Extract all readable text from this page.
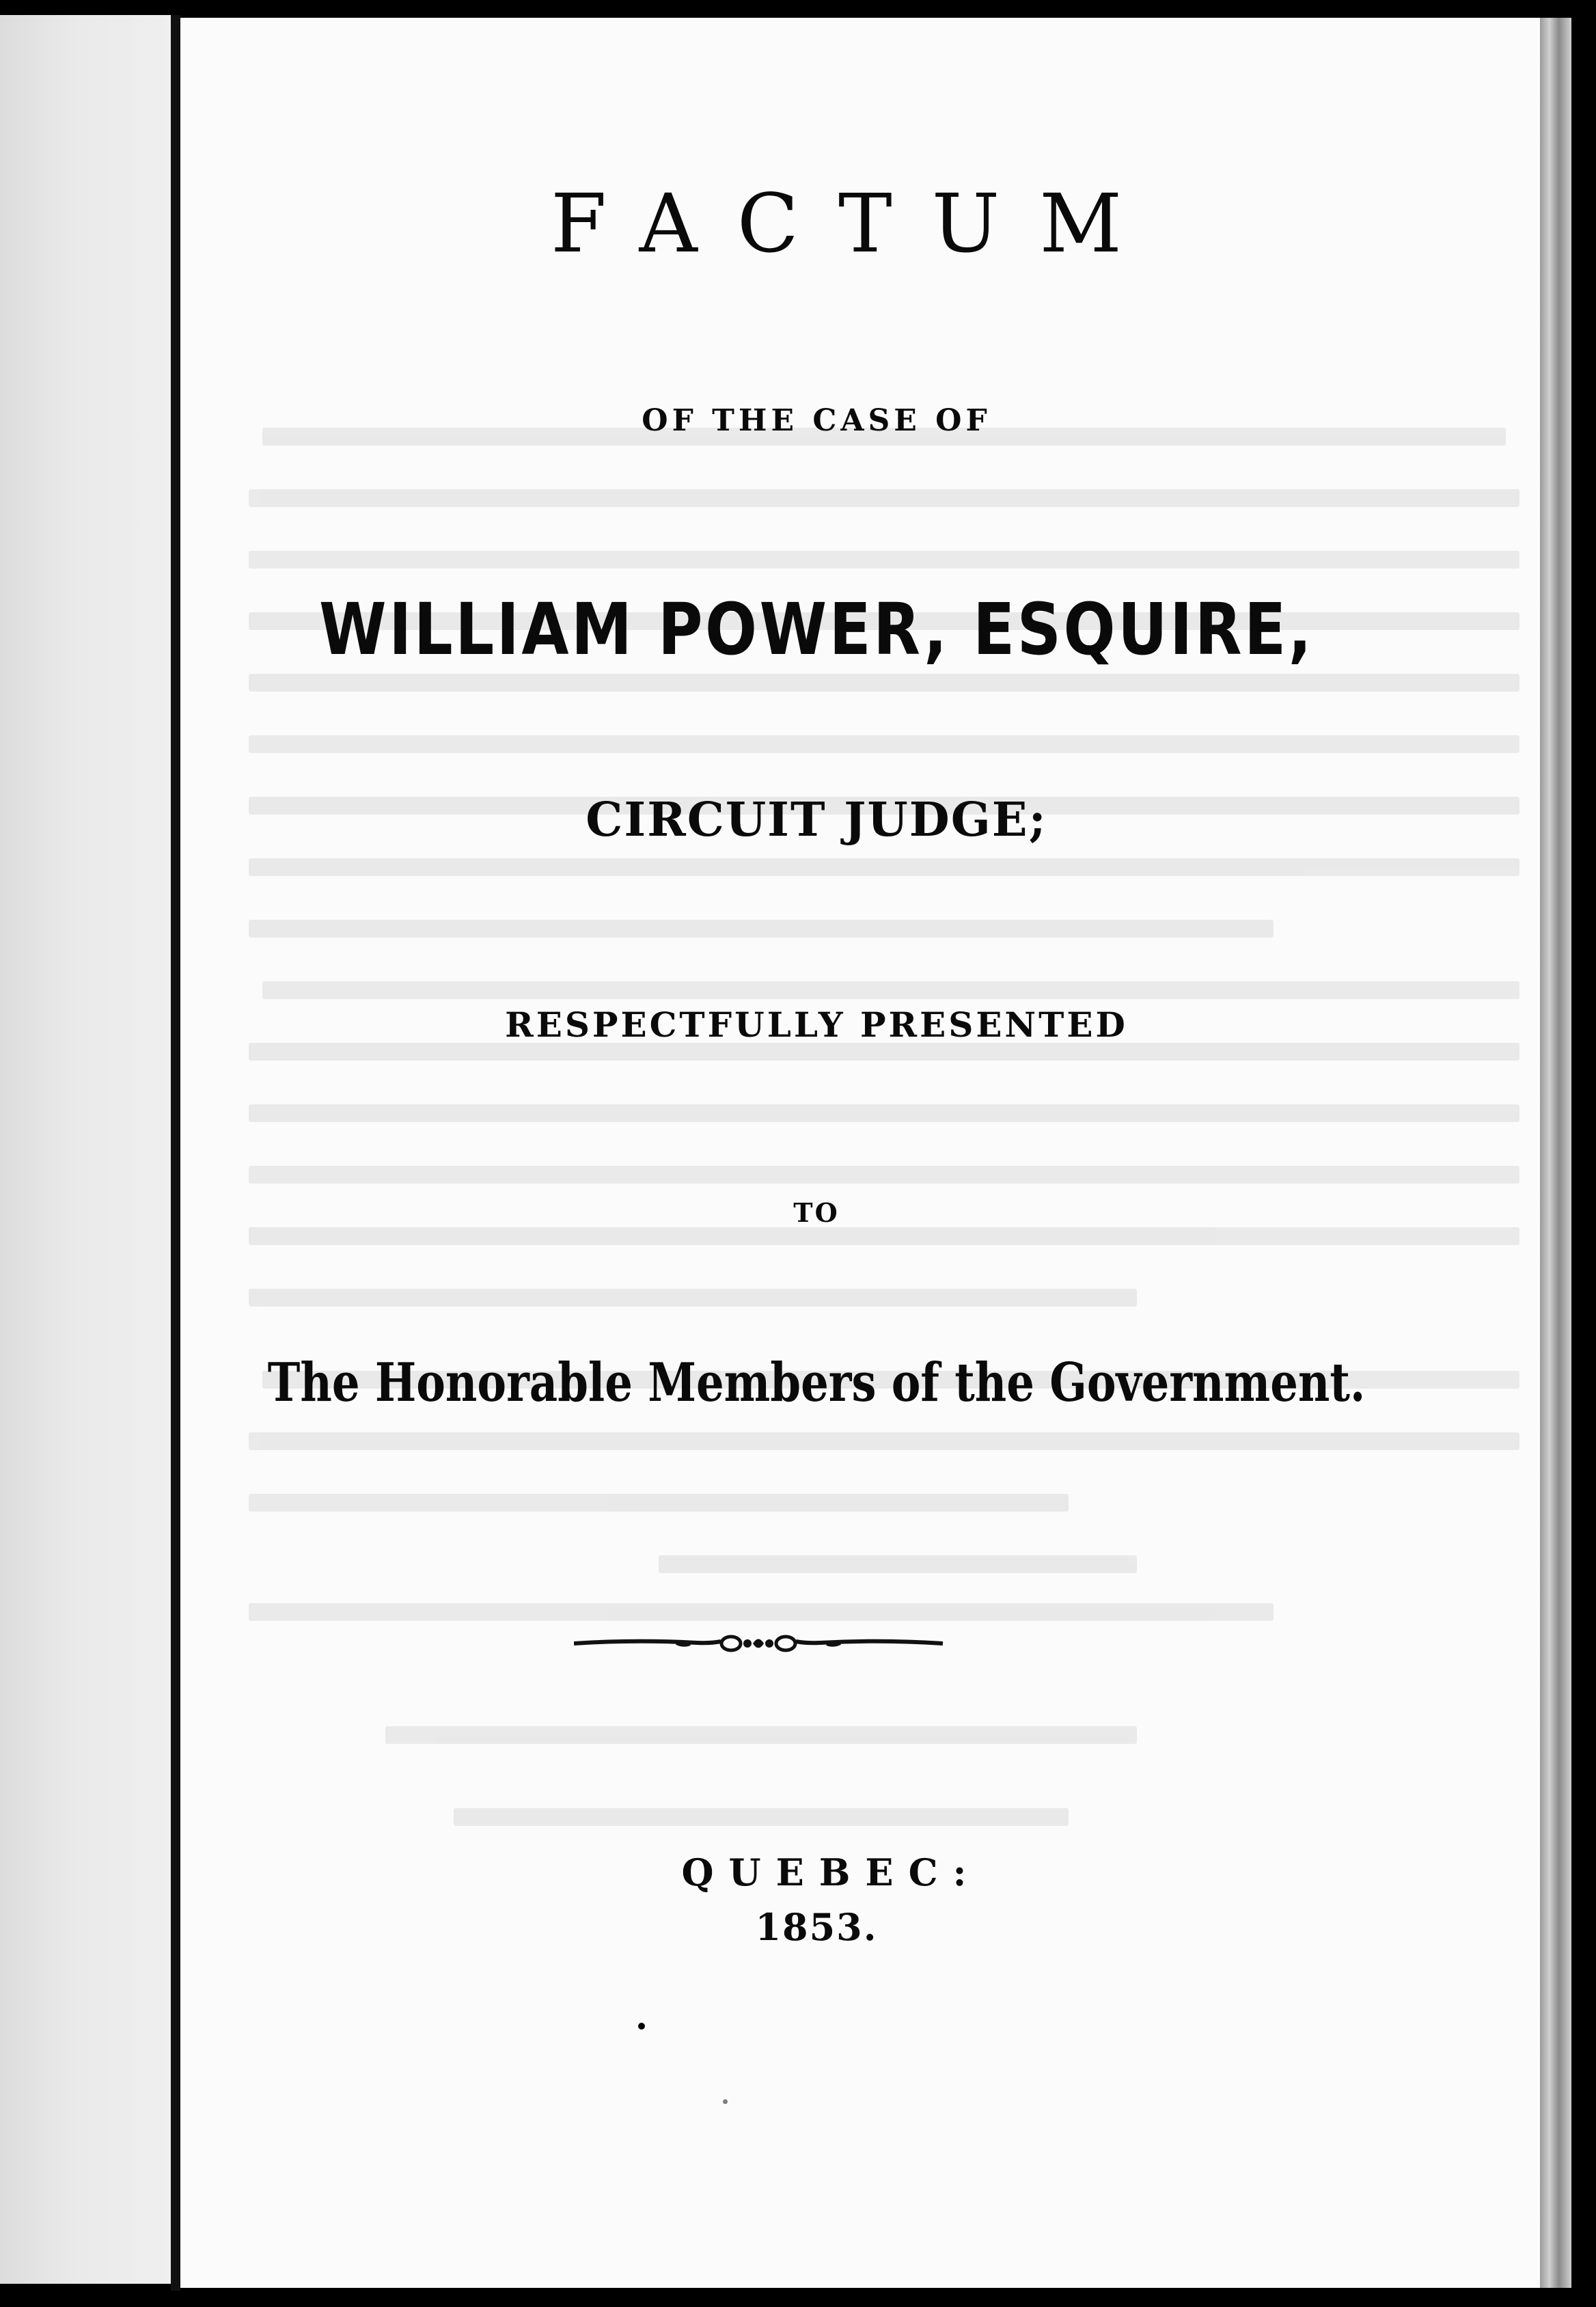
FACTUM
OF THE CASE OF
WILLIAM POWER, ESQUIRE,
CIRCUIT JUDGE;
RESPECTFULLY PRESENTED
TO
The Honorable Members of the Government.
QUEBEC:
1853.
